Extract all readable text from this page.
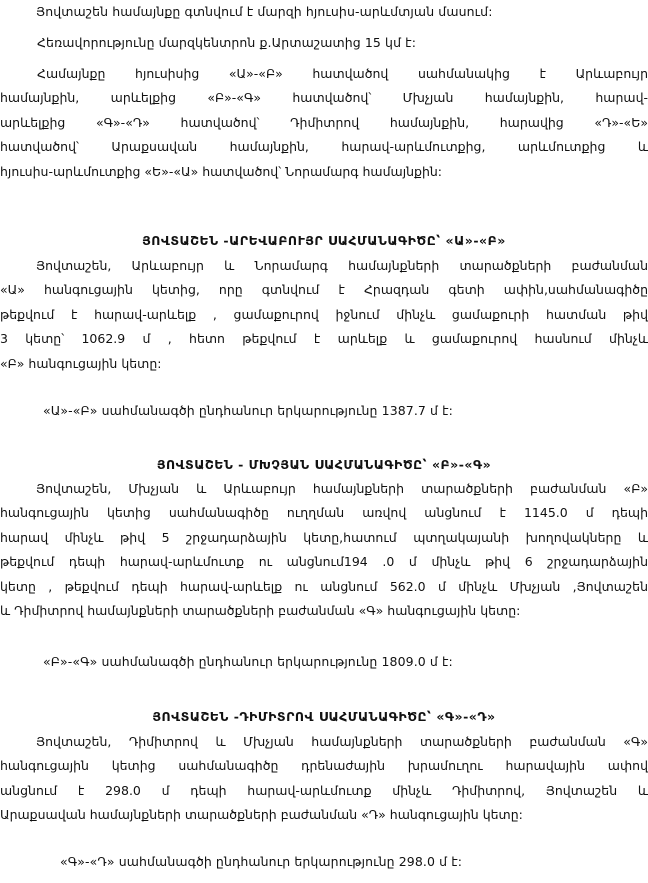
Յովտաշեն համայնքը գտնվում է մարզի հյուսիս-արևմտյան մասում:
Հեռավորությունը մարզկենտրոն ք.Արտաշատից 15 կմ է:
Համայնքը հյուսիսից «Ա»-«Բ» հատվածով սահմանակից է Արևաբույր
համայնքին, արևելքից «Բ»-«Գ» հատվածով՝ Մխչյան համայնքին, հարավ-
արևելքից «Գ»-«Դ» հատվածով՝ Դիմիտրով համայնքին, հարավից «Դ»-«Ե»
հատվածով՝ Արաքսավան համայնքին, հարավ-արևմուտքից, արևմուտքից և
հյուսիս-արևմուտքից «Ե»-«Ա» հատվածով՝ Նորամարգ համայնքին:
ՅՈՎՏԱՇԵՆ -ԱՐԵՎԱԲՈՒՅՐ ՍԱՀՄԱՆԱԳԻԾԸ՝ «Ա»-«Բ»
Յովտաշեն, Արևաբույր և Նորամարգ համայնքների տարածքների բաժանման
«Ա» հանգուցային կետից, որը գտնվում է Հրազդան գետի ափին,սահմանագիծը
թեքվում է հարավ-արևելք , ցամաքուրով իջնում մինչև ցամաքուրի հատման թիվ
3 կետը՝ 1062.9 մ , հետո թեքվում է արևելք և ցամաքուրով հասնում մինչև
«Բ» հանգուցային կետը:
«Ա»-«Բ» սահմանագծի ընդհանուր երկարությունը 1387.7 մ է:
ՅՈՎՏԱՇԵՆ - ՄԽՉՅԱՆ ՍԱՀՄԱՆԱԳԻԾԸ՝ «Բ»-«Գ»
Յովտաշեն, Մխչյան և Արևաբույր համայնքների տարածքների բաժանման «Բ»
հանգուցային կետից սահմանագիծը ուղղման առվով անցնում է 1145.0 մ դեպի
հարավ մինչև թիվ 5 շրջադարձային կետը,հատում պտղակայանի խողովակները և
թեքվում դեպի հարավ-արևմուտք ու անցնում194 .0 մ մինչև թիվ 6 շրջադարձային
կետը , թեքվում դեպի հարավ-արևելք ու անցնում 562.0 մ մինչև Մխչյան ,Յովտաշեն
և Դիմիտրով համայնքների տարածքների բաժանման «Գ» հանգուցային կետը:
«Բ»-«Գ» սահմանագծի ընդհանուր երկարությունը 1809.0 մ է:
ՅՈՎՏԱՇԵՆ -ԴԻՄԻՏՐՈՎ ՍԱՀՄԱՆԱԳԻԾԸ՝ «Գ»-«Դ»
Յովտաշեն, Դիմիտրով և Մխչյան համայնքների տարածքների բաժանման «Գ»
հանգուցային կետից սահմանագիծը դրենաժային խրամուղու հարավային ափով
անցնում է 298.0 մ դեպի հարավ-արևմուտք մինչև Դիմիտրով, Յովտաշեն և
Արաքսավան համայնքների տարածքների բաժանման «Դ» հանգուցային կետը:
«Գ»-«Դ» սահմանագծի ընդհանուր երկարությունը 298.0 մ է:
